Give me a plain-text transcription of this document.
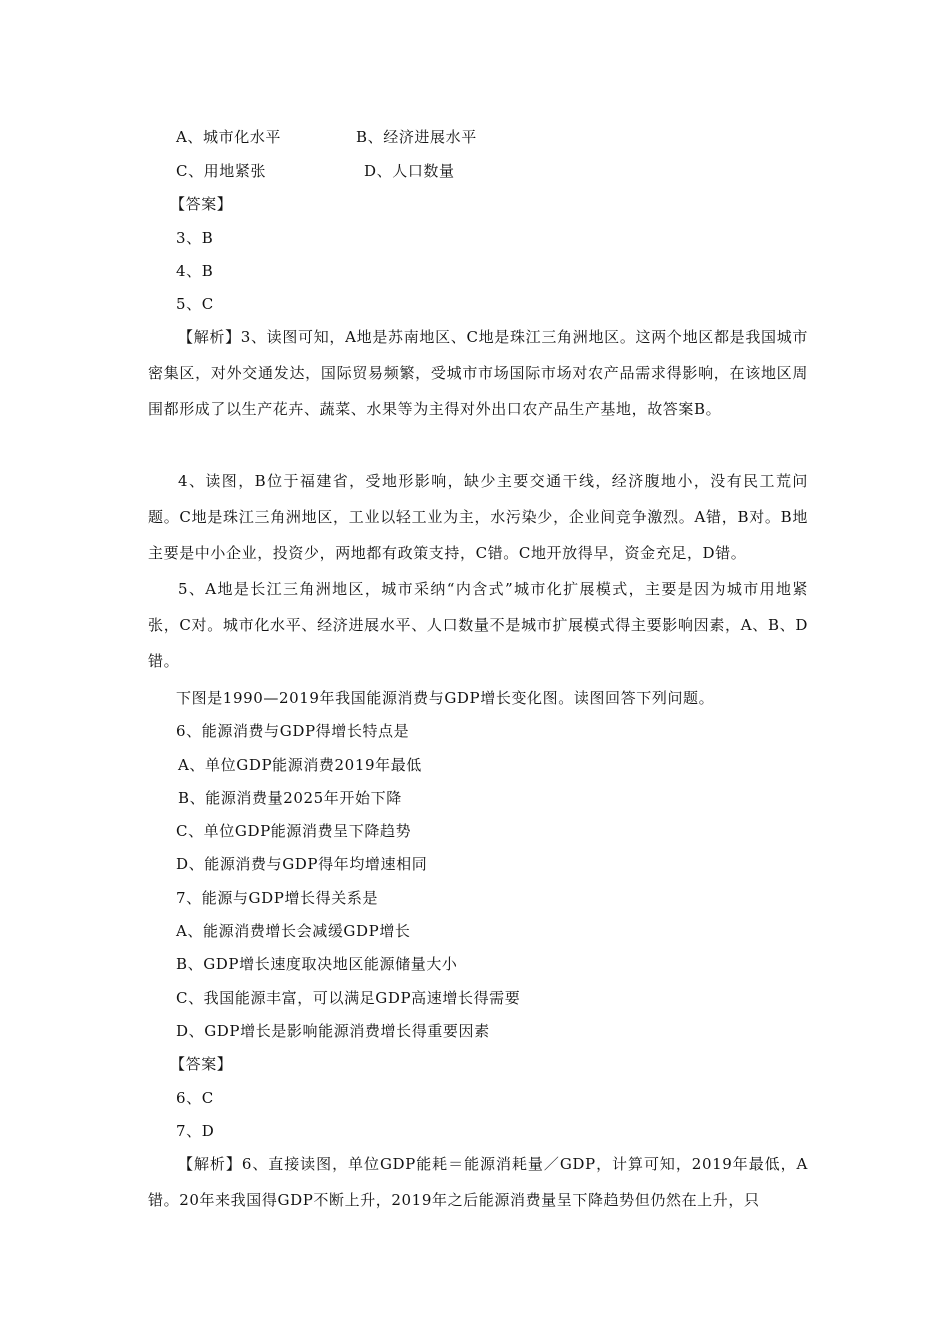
A、城市化水平	B、经济进展水平
C、用地紧张	D、人口数量
【答案】
3、B
4、B
5、C
【解析】3、读图可知，A地是苏南地区、C地是珠江三角洲地区。这两个地区都是我国城市密集区，对外交通发达，国际贸易频繁，受城市市场国际市场对农产品需求得影响，在该地区周围都形成了以生产花卉、蔬菜、水果等为主得对外出口农产品生产基地，故答案B。
4、读图，B位于福建省，受地形影响，缺少主要交通干线，经济腹地小，没有民工荒问题。C地是珠江三角洲地区，工业以轻工业为主，水污染少，企业间竞争激烈。A错，B对。B地主要是中小企业，投资少，两地都有政策支持，C错。C地开放得早，资金充足，D错。
5、A地是长江三角洲地区，城市采纳“内含式”城市化扩展模式，主要是因为城市用地紧张，C对。城市化水平、经济进展水平、人口数量不是城市扩展模式得主要影响因素，A、B、D错。
下图是1990—2019年我国能源消费与GDP增长变化图。读图回答下列问题。
6、能源消费与GDP得增长特点是
A、单位GDP能源消费2019年最低
B、能源消费量2025年开始下降
C、单位GDP能源消费呈下降趋势
D、能源消费与GDP得年均增速相同
7、能源与GDP增长得关系是
A、能源消费增长会减缓GDP增长
B、GDP增长速度取决地区能源储量大小
C、我国能源丰富，可以满足GDP高速增长得需要
D、GDP增长是影响能源消费增长得重要因素
【答案】
6、C
7、D
【解析】6、直接读图，单位GDP能耗＝能源消耗量／GDP，计算可知，2019年最低，A错。20年来我国得GDP不断上升，2019年之后能源消费量呈下降趋势但仍然在上升，只
